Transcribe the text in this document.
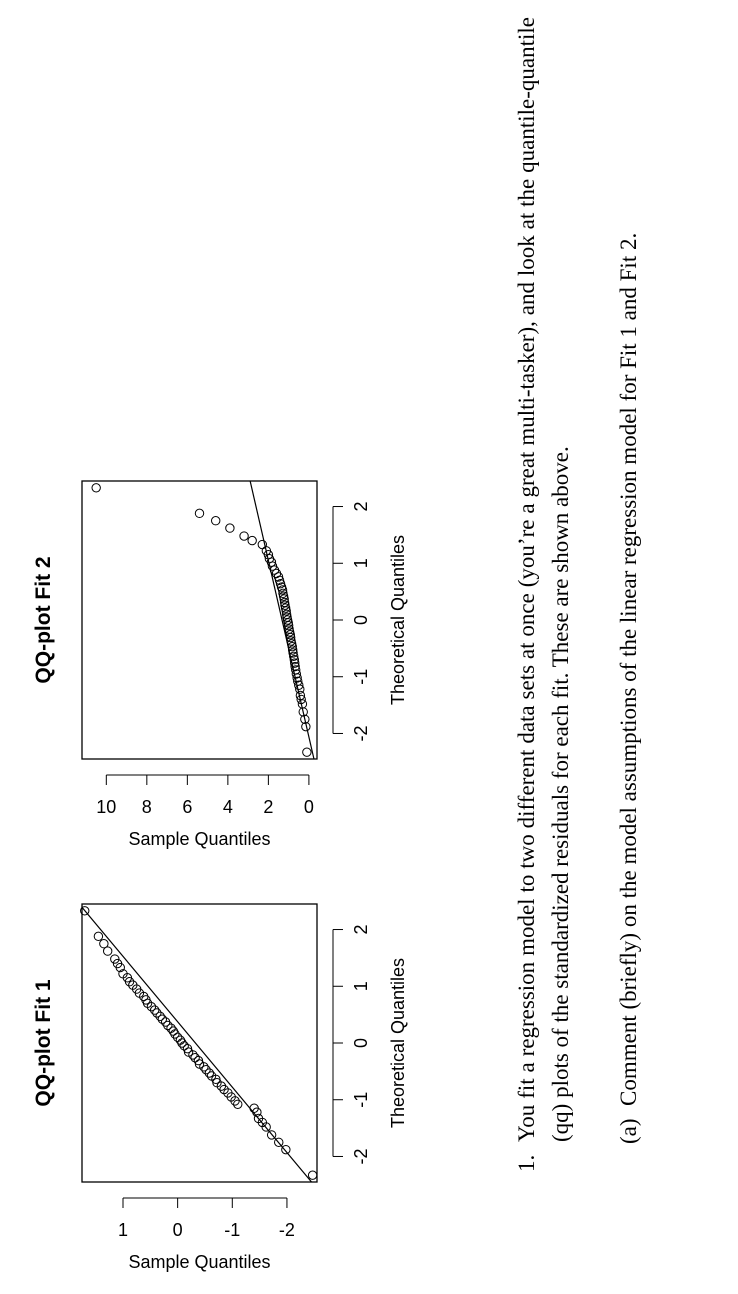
QQ-plot Fit 1
-2
-1
0
1
2
Theoretical Quantiles
-2
-1
0
1
Sample Quantiles
QQ-plot Fit 2
-2
-1
0
1
2
Theoretical Quantiles
0
2
4
6
8
10
Sample Quantiles
1.
You fit a regression model to two different data sets at once (you’re a great multi-tasker), and look at the quantile-quantile (qq) plots of the standardized residuals for each fit. These are shown above. (a)
Comment (briefly) on the model assumptions of the linear regression model for Fit 1 and Fit 2.
